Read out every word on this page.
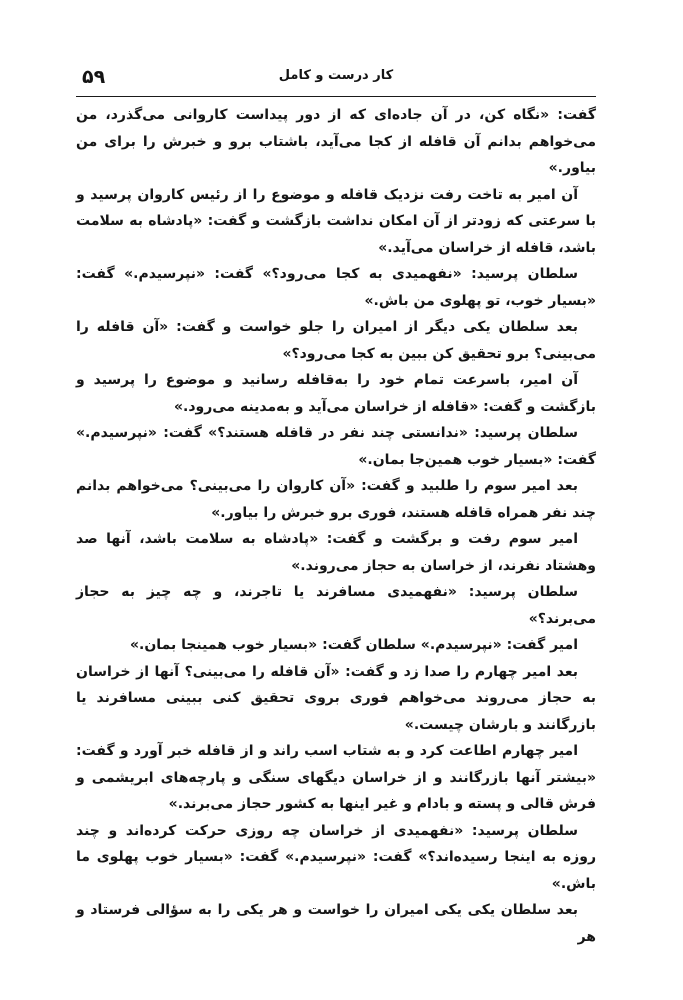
۵۹	کار درست و کامل

گفت: «نگاه کن، در آن جاده‌ای که از دور پیداست کاروانی می‌گذرد، من می‌خواهم بدانم آن قافله از کجا می‌آید، باشتاب برو و خبرش را برای من بیاور.»

آن امیر به تاخت رفت نزدیک قافله و موضوع را از رئیس کاروان پرسید و با سرعتی که زودتر از آن امکان نداشت بازگشت و گفت: «پادشاه به سلامت باشد، قافله از خراسان می‌آید.»

سلطان پرسید: «نفهمیدی به کجا می‌رود؟» گفت: «نپرسیدم.» گفت: «بسیار خوب، تو پهلوی من باش.»

بعد سلطان یکی دیگر از امیران را جلو خواست و گفت: «آن قافله را می‌بینی؟ برو تحقیق کن ببین به کجا می‌رود؟»

آن امیر، باسرعت تمام خود را به‌قافله رسانید و موضوع را پرسید و بازگشت و گفت: «قافله از خراسان می‌آید و به‌مدینه می‌رود.»

سلطان پرسید: «ندانستی چند نفر در قافله هستند؟» گفت: «نپرسیدم.» گفت: «بسیار خوب همین‌جا بمان.»

بعد امیر سوم را طلبید و گفت: «آن کاروان را می‌بینی؟ می‌خواهم بدانم چند نفر همراه قافله هستند، فوری برو خبرش را بیاور.»

امیر سوم رفت و برگشت و گفت: «پادشاه به سلامت باشد، آنها صد وهشتاد نفرند، از خراسان به حجاز می‌روند.»

سلطان پرسید: «نفهمیدی مسافرند یا تاجرند، و چه چیز به حجاز می‌برند؟»

امیر گفت: «نپرسیدم.» سلطان گفت: «بسیار خوب همینجا بمان.»

بعد امیر چهارم را صدا زد و گفت: «آن قافله را می‌بینی؟ آنها از خراسان به حجاز می‌روند می‌خواهم فوری بروی تحقیق کنی ببینی مسافرند یا بازرگانند و بارشان چیست.»

امیر چهارم اطاعت کرد و به شتاب اسب راند و از قافله خبر آورد و گفت: «بیشتر آنها بازرگانند و از خراسان دیگهای سنگی و پارچه‌های ابریشمی و فرش قالی و پسته و بادام و غیر اینها به کشور حجاز می‌برند.»

سلطان پرسید: «نفهمیدی از خراسان چه روزی حرکت کرده‌اند و چند روزه به اینجا رسیده‌اند؟» گفت: «نپرسیدم.» گفت: «بسیار خوب پهلوی ما باش.»

بعد سلطان یکی یکی امیران را خواست و هر یکی را به سؤالی فرستاد و هر
